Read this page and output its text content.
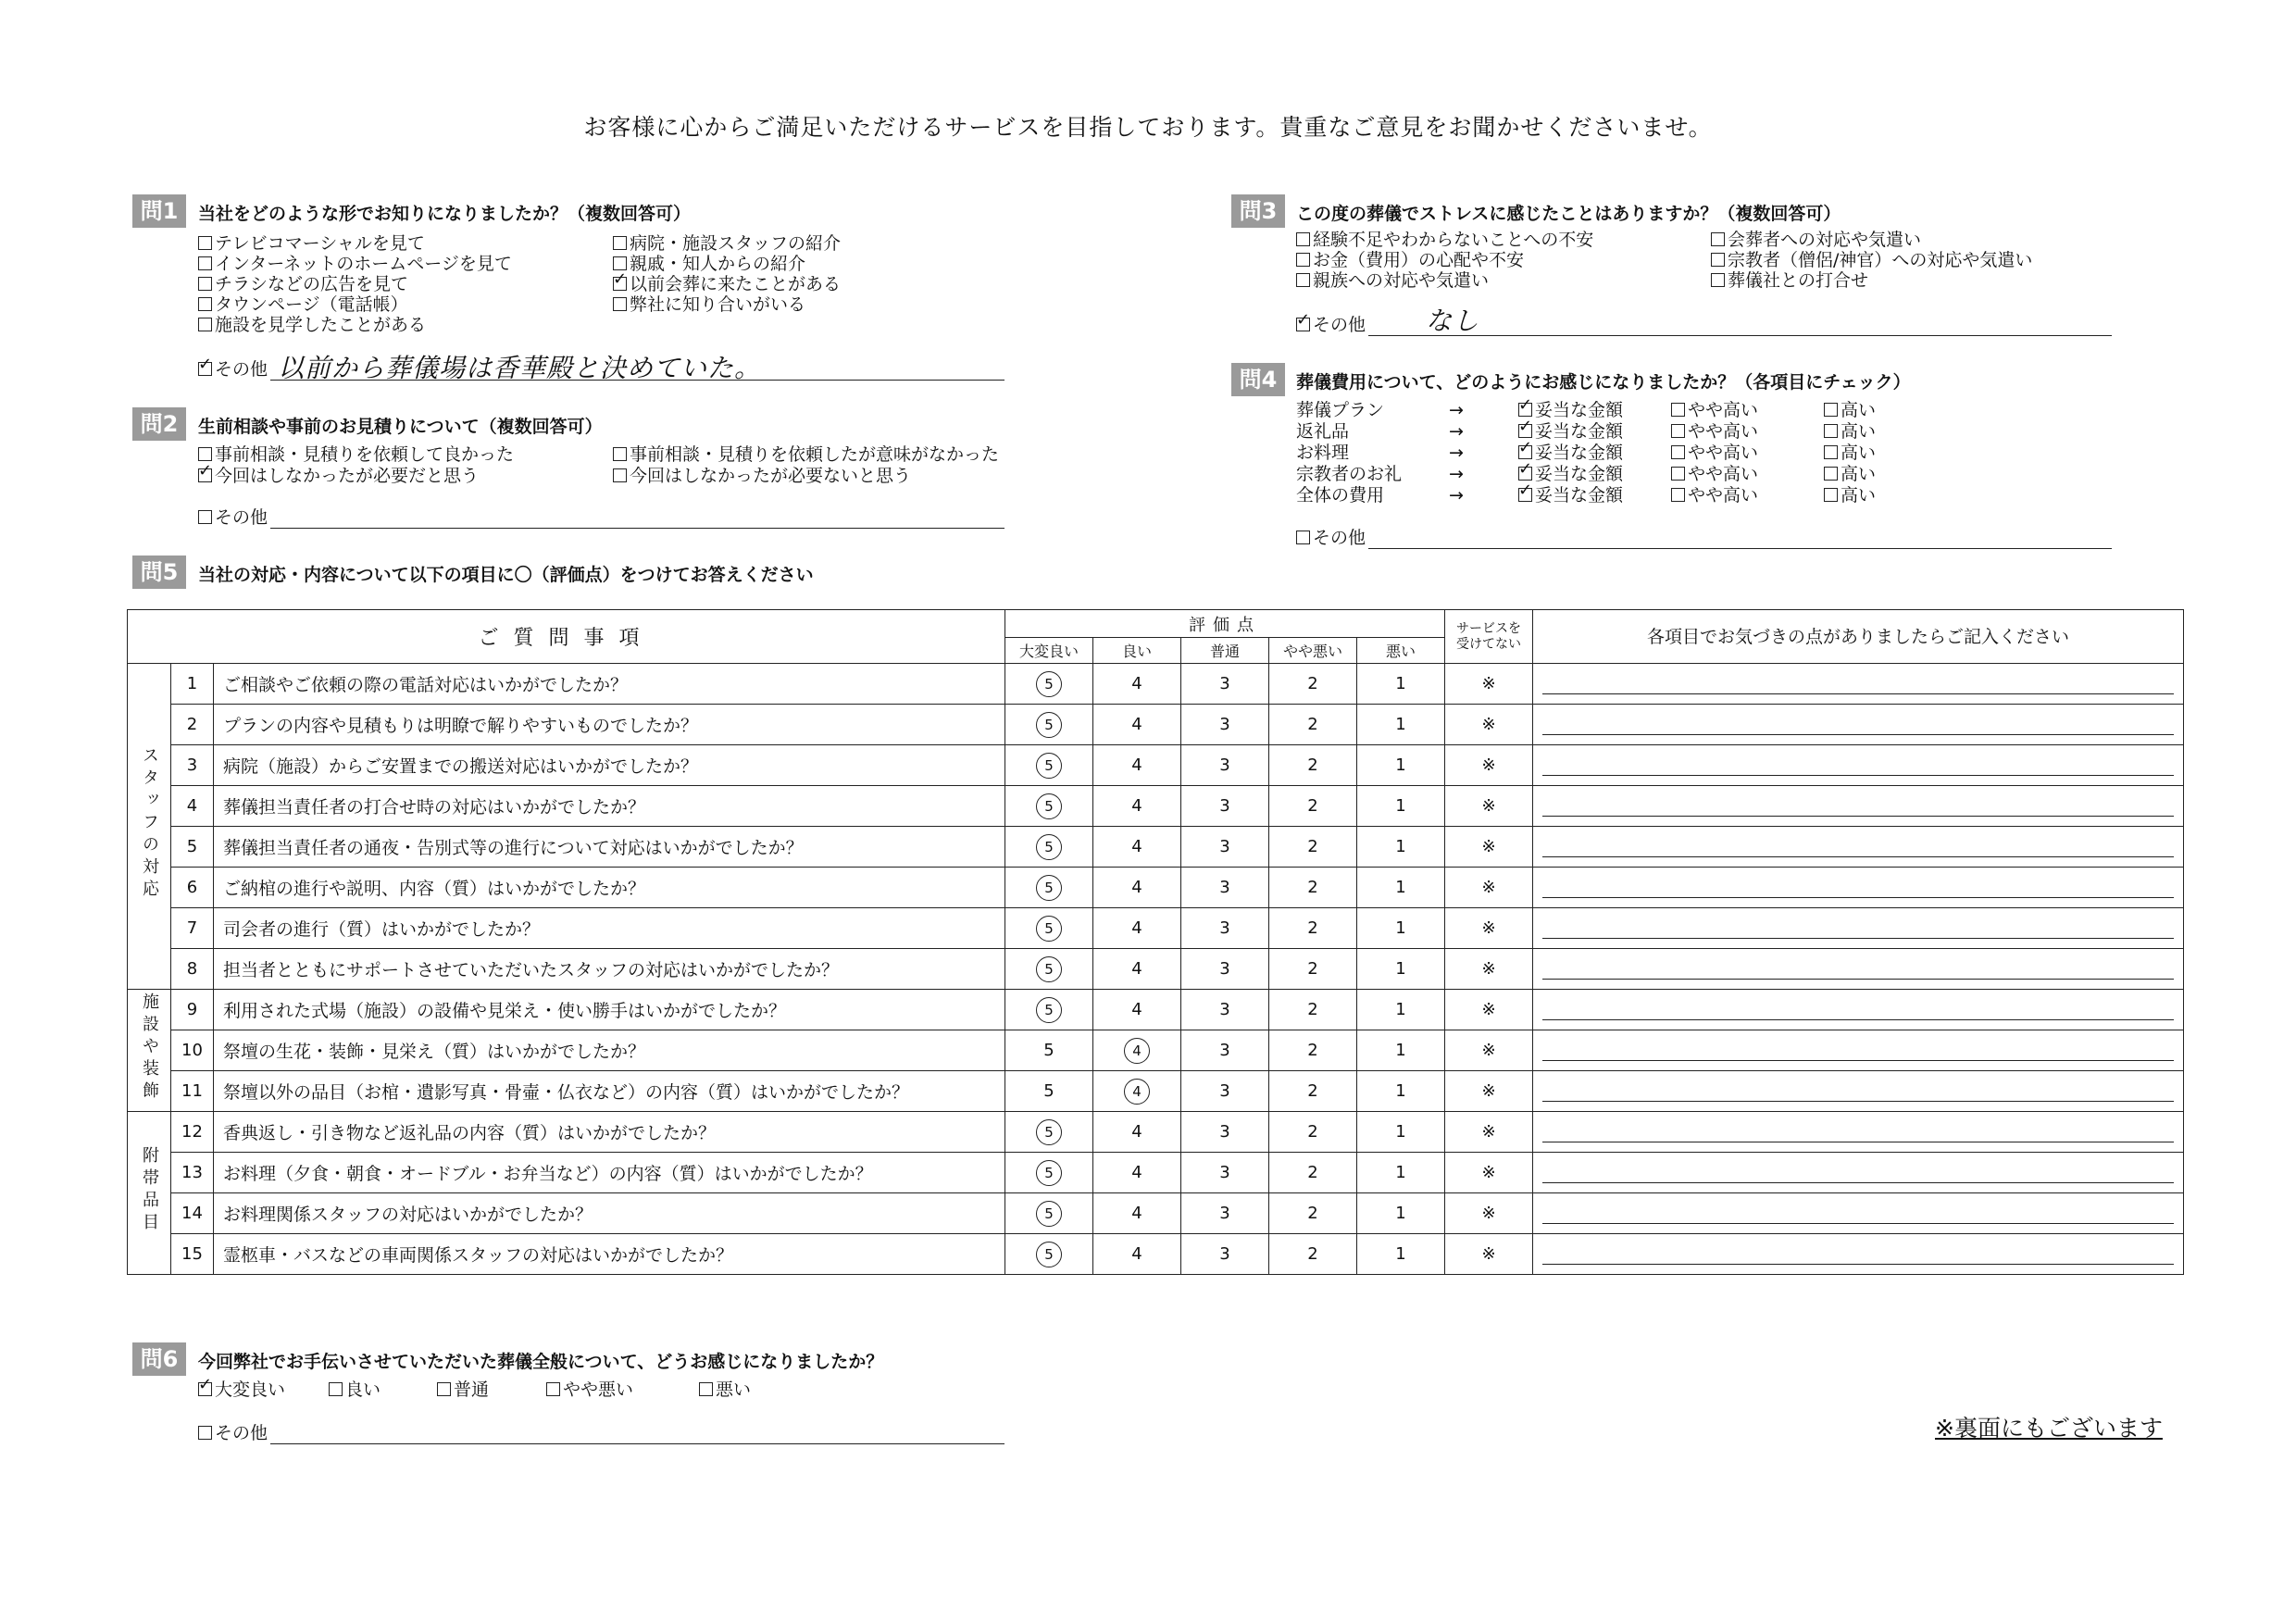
お客様に心からご満足いただけるサービスを目指しております。貴重なご意見をお聞かせくださいませ。
問1	当社をどのような形でお知りになりましたか？（複数回答可）
✓その他 以前から葬儀場は香華殿と決めていた。
問2	生前相談や事前のお見積りについて（複数回答可）
その他
問3	この度の葬儀でストレスに感じたことはありますか？（複数回答可）
✓その他 なし
問4	葬儀費用について、どのようにお感じになりましたか？（各項目にチェック）
その他
問5	当社の対応・内容について以下の項目に〇（評価点）をつけてお答えください
ご質問事項			評価点					サービスを受けてない	各項目でお気づきの点がありましたらご記入ください
			大変良い	良い	普通	やや悪い	悪い		
スタッフの対応	1	ご相談やご依頼の際の電話対応はいかがでしたか？	5	4	3	2	1	※	

	2	プランの内容や見積もりは明瞭で解りやすいものでしたか？	5	4	3	2	1	※	

	3	病院（施設）からご安置までの搬送対応はいかがでしたか？	5	4	3	2	1	※	

	4	葬儀担当責任者の打合せ時の対応はいかがでしたか？	5	4	3	2	1	※	

	5	葬儀担当責任者の通夜・告別式等の進行について対応はいかがでしたか？	5	4	3	2	1	※	

	6	ご納棺の進行や説明、内容（質）はいかがでしたか？	5	4	3	2	1	※	

	7	司会者の進行（質）はいかがでしたか？	5	4	3	2	1	※	

	8	担当者とともにサポートさせていただいたスタッフの対応はいかがでしたか？	5	4	3	2	1	※	

施設や装飾	9	利用された式場（施設）の設備や見栄え・使い勝手はいかがでしたか？	5	4	3	2	1	※	

	10	祭壇の生花・装飾・見栄え（質）はいかがでしたか？	5	4	3	2	1	※	

	11	祭壇以外の品目（お棺・遺影写真・骨壷・仏衣など）の内容（質）はいかがでしたか？	5	4	3	2	1	※	

附帯品目	12	香典返し・引き物など返礼品の内容（質）はいかがでしたか？	5	4	3	2	1	※	

	13	お料理（夕食・朝食・オードブル・お弁当など）の内容（質）はいかがでしたか？	5	4	3	2	1	※	

	14	お料理関係スタッフの対応はいかがでしたか？	5	4	3	2	1	※	

	15	霊柩車・バスなどの車両関係スタッフの対応はいかがでしたか？	5	4	3	2	1	※	
問6	今回弊社でお手伝いさせていただいた葬儀全般について、どうお感じになりましたか？
その他	※裏面にもございます
テレビコマーシャルを見て
インターネットのホームページを見て
チラシなどの広告を見て
タウンページ（電話帳）
施設を見学したことがある
病院・施設スタッフの紹介
親戚・知人からの紹介
✓以前会葬に来たことがある
弊社に知り合いがいる
事前相談・見積りを依頼して良かった	事前相談・見積りを依頼したが意味がなかった
✓今回はしなかったが必要だと思う	今回はしなかったが必要ないと思う
経験不足やわからないことへの不安
お金（費用）の心配や不安
親族への対応や気遣い
会葬者への対応や気遣い
宗教者（僧侶/神官）への対応や気遣い
葬儀社との打合せ
葬儀プラン	→ ✓	妥当な金額	やや高い	高い
返礼品	→ ✓	妥当な金額	やや高い	高い
お料理	→ ✓	妥当な金額	やや高い	高い
宗教者のお礼	→ ✓	妥当な金額	やや高い	高い
全体の費用	→ ✓	妥当な金額	やや高い	高い
✓大変良い	良い	普通	やや悪い	悪い
